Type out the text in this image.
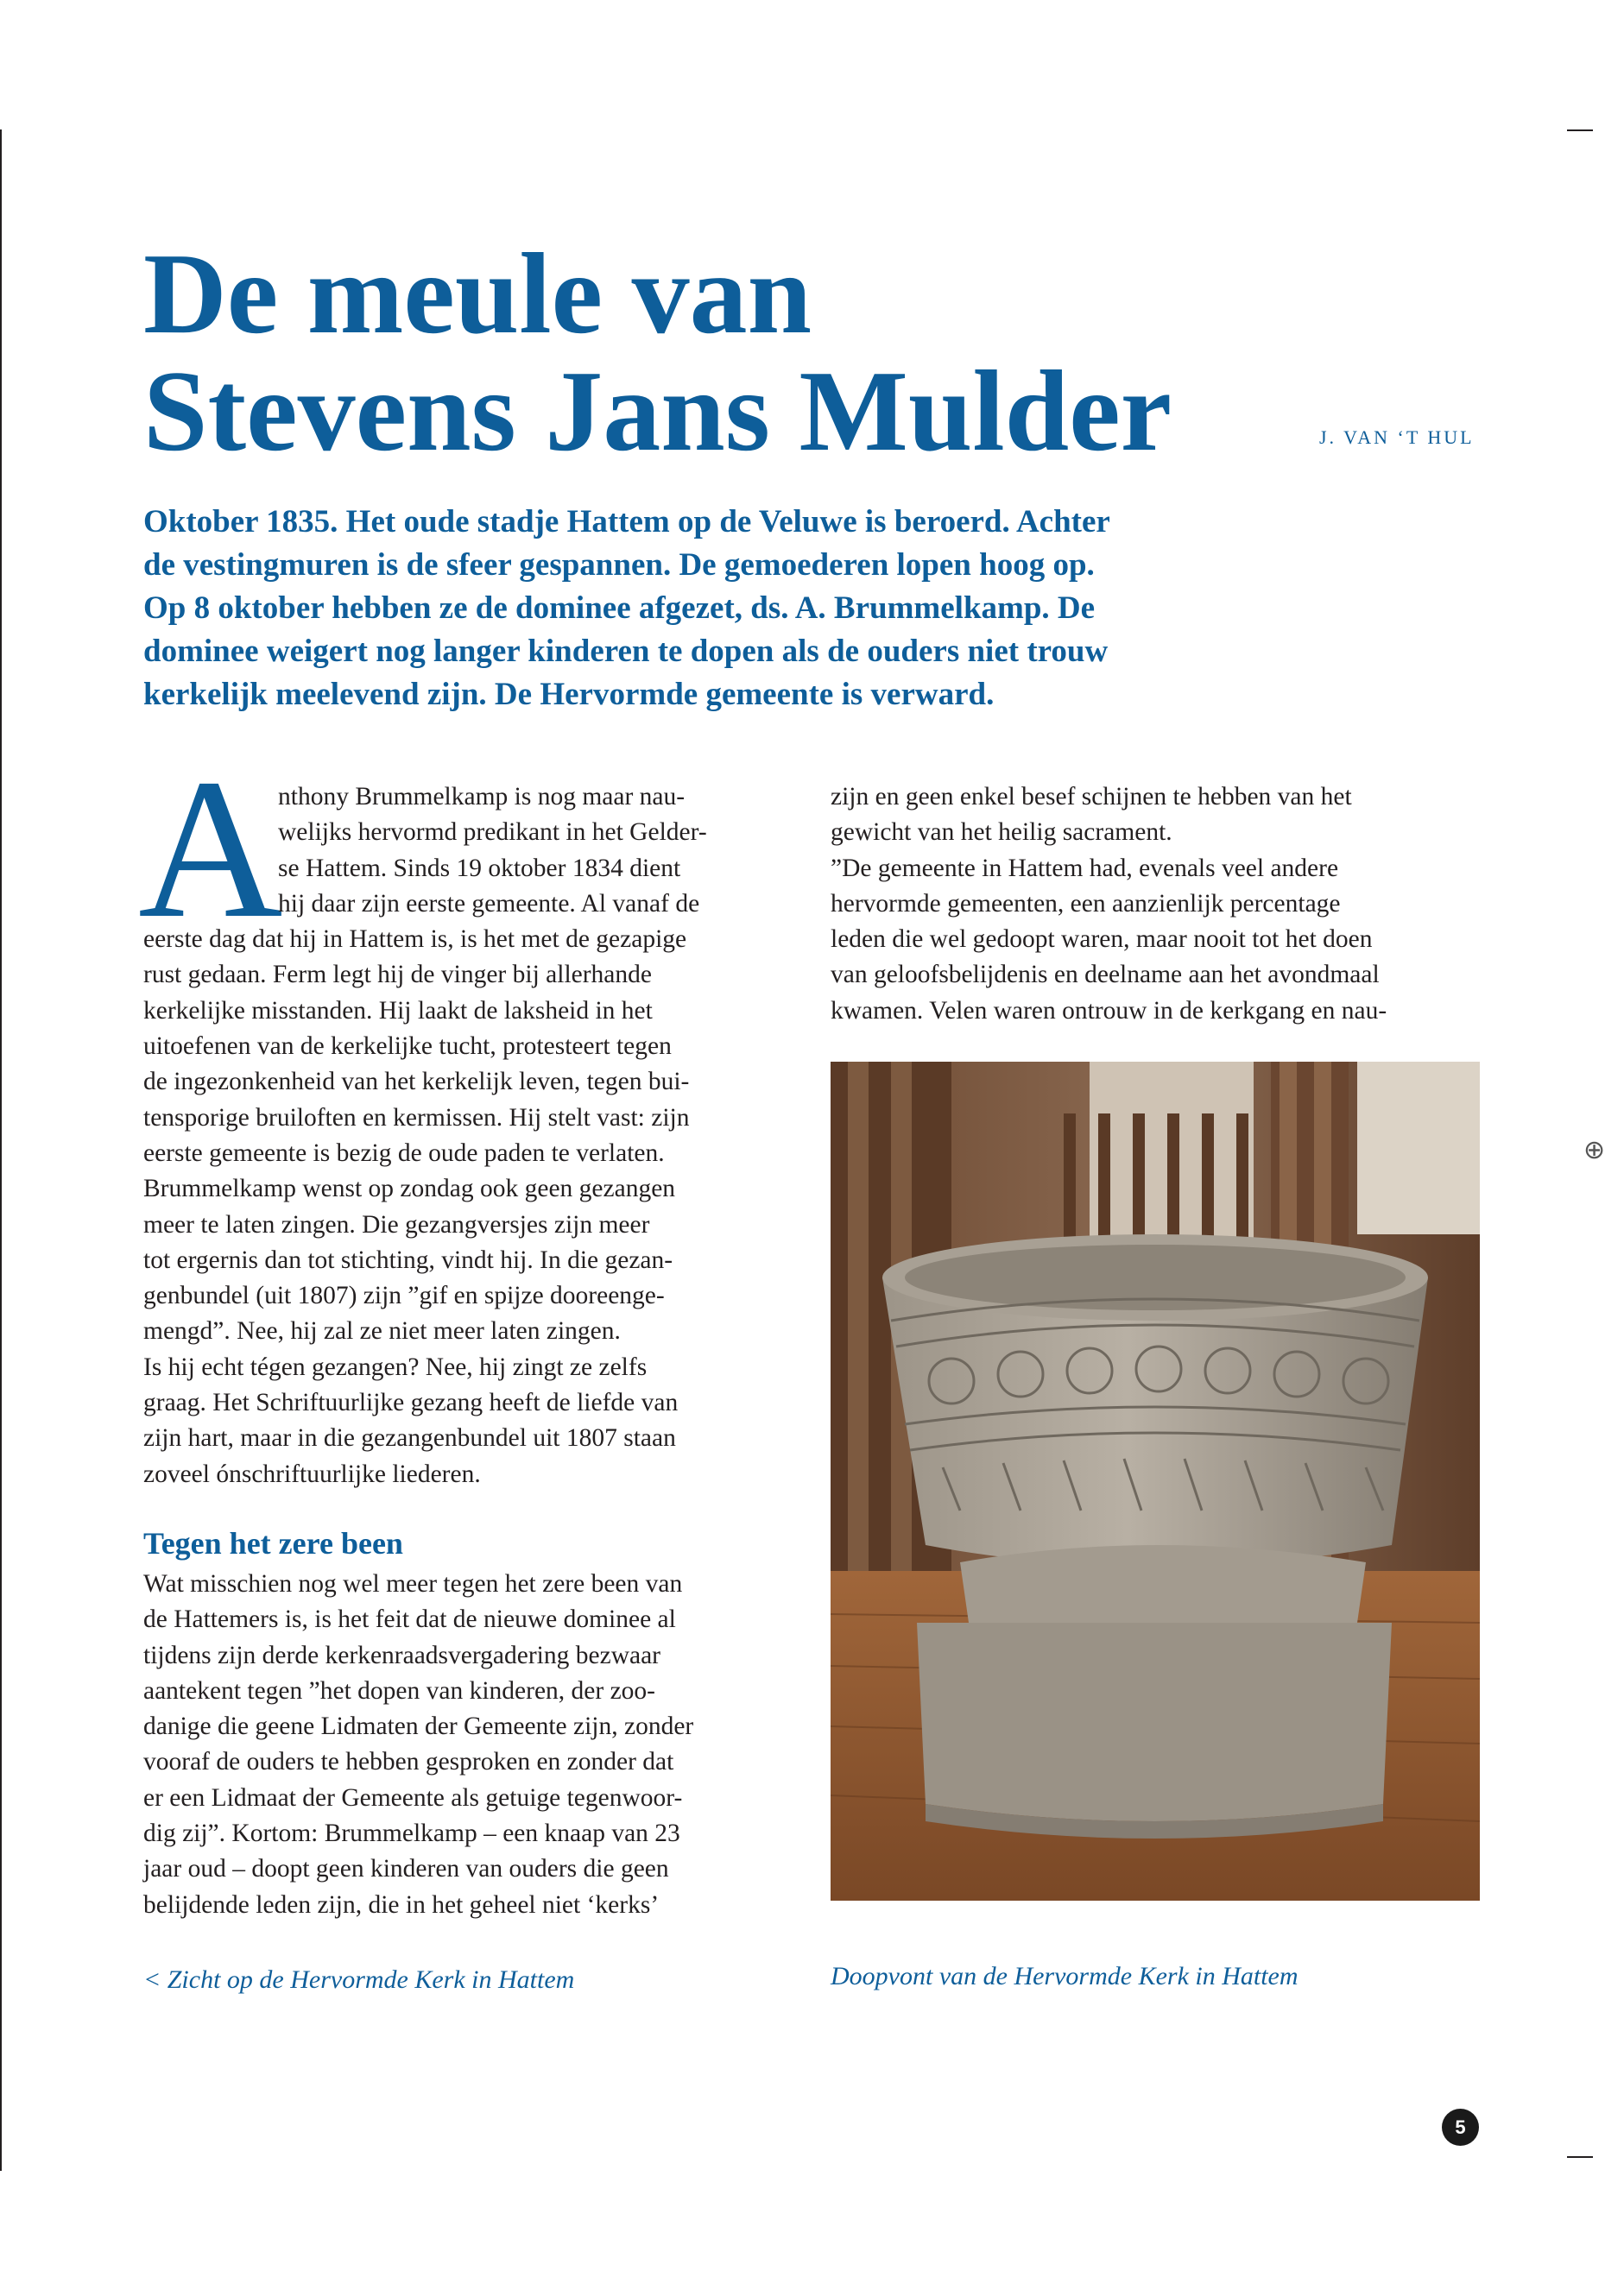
⊕
De meule van
Stevens Jans Mulder	J. VAN ‘T HUL

Oktober 1835. Het oude stadje Hattem op de Veluwe is beroerd. Achter
de vestingmuren is de sfeer gespannen. De gemoederen lopen hoog op.
Op 8 oktober hebben ze de dominee afgezet, ds. A. Brummelkamp. De
dominee weigert nog langer kinderen te dopen als de ouders niet trouw
kerkelijk meelevend zijn. De Hervormde gemeente is verward.

A
nthony Brummelkamp is nog maar nau-
welijks hervormd predikant in het Gelder-
se Hattem. Sinds 19 oktober 1834 dient
hij daar zijn eerste gemeente. Al vanaf de
eerste dag dat hij in Hattem is, is het met de gezapige
rust gedaan. Ferm legt hij de vinger bij allerhande
kerkelijke misstanden. Hij laakt de laksheid in het
uitoefenen van de kerkelijke tucht, protesteert tegen
de ingezonkenheid van het kerkelijk leven, tegen bui-
tensporige bruiloften en kermissen. Hij stelt vast: zijn
eerste gemeente is bezig de oude paden te verlaten.
Brummelkamp wenst op zondag ook geen gezangen
meer te laten zingen. Die gezangversjes zijn meer
tot ergernis dan tot stichting, vindt hij. In die gezan-
genbundel (uit 1807) zijn ”gif en spijze dooreenge-
mengd”. Nee, hij zal ze niet meer laten zingen.
Is hij echt tégen gezangen? Nee, hij zingt ze zelfs
graag. Het Schriftuurlijke gezang heeft de liefde van
zijn hart, maar in die gezangenbundel uit 1807 staan
zoveel ónschriftuurlijke liederen.
Tegen het zere been
Wat misschien nog wel meer tegen het zere been van
de Hattemers is, is het feit dat de nieuwe dominee al
tijdens zijn derde kerkenraadsvergadering bezwaar
aantekent tegen ”het dopen van kinderen, der zoo-
danige die geene Lidmaten der Gemeente zijn, zonder
vooraf de ouders te hebben gesproken en zonder dat
er een Lidmaat der Gemeente als getuige tegenwoor-
dig zij”. Kortom: Brummelkamp – een knaap van 23
jaar oud – doopt geen kinderen van ouders die geen
belijdende leden zijn, die in het geheel niet ‘kerks’
zijn en geen enkel besef schijnen te hebben van het
gewicht van het heilig sacrament.
”De gemeente in Hattem had, evenals veel andere
hervormde gemeenten, een aanzienlijk percentage
leden die wel gedoopt waren, maar nooit tot het doen
van geloofsbelijdenis en deelname aan het avondmaal
kwamen. Velen waren ontrouw in de kerkgang en nau-
< Zicht op de Hervormde Kerk in Hattem	Doopvont van de Hervormde Kerk in Hattem
5
